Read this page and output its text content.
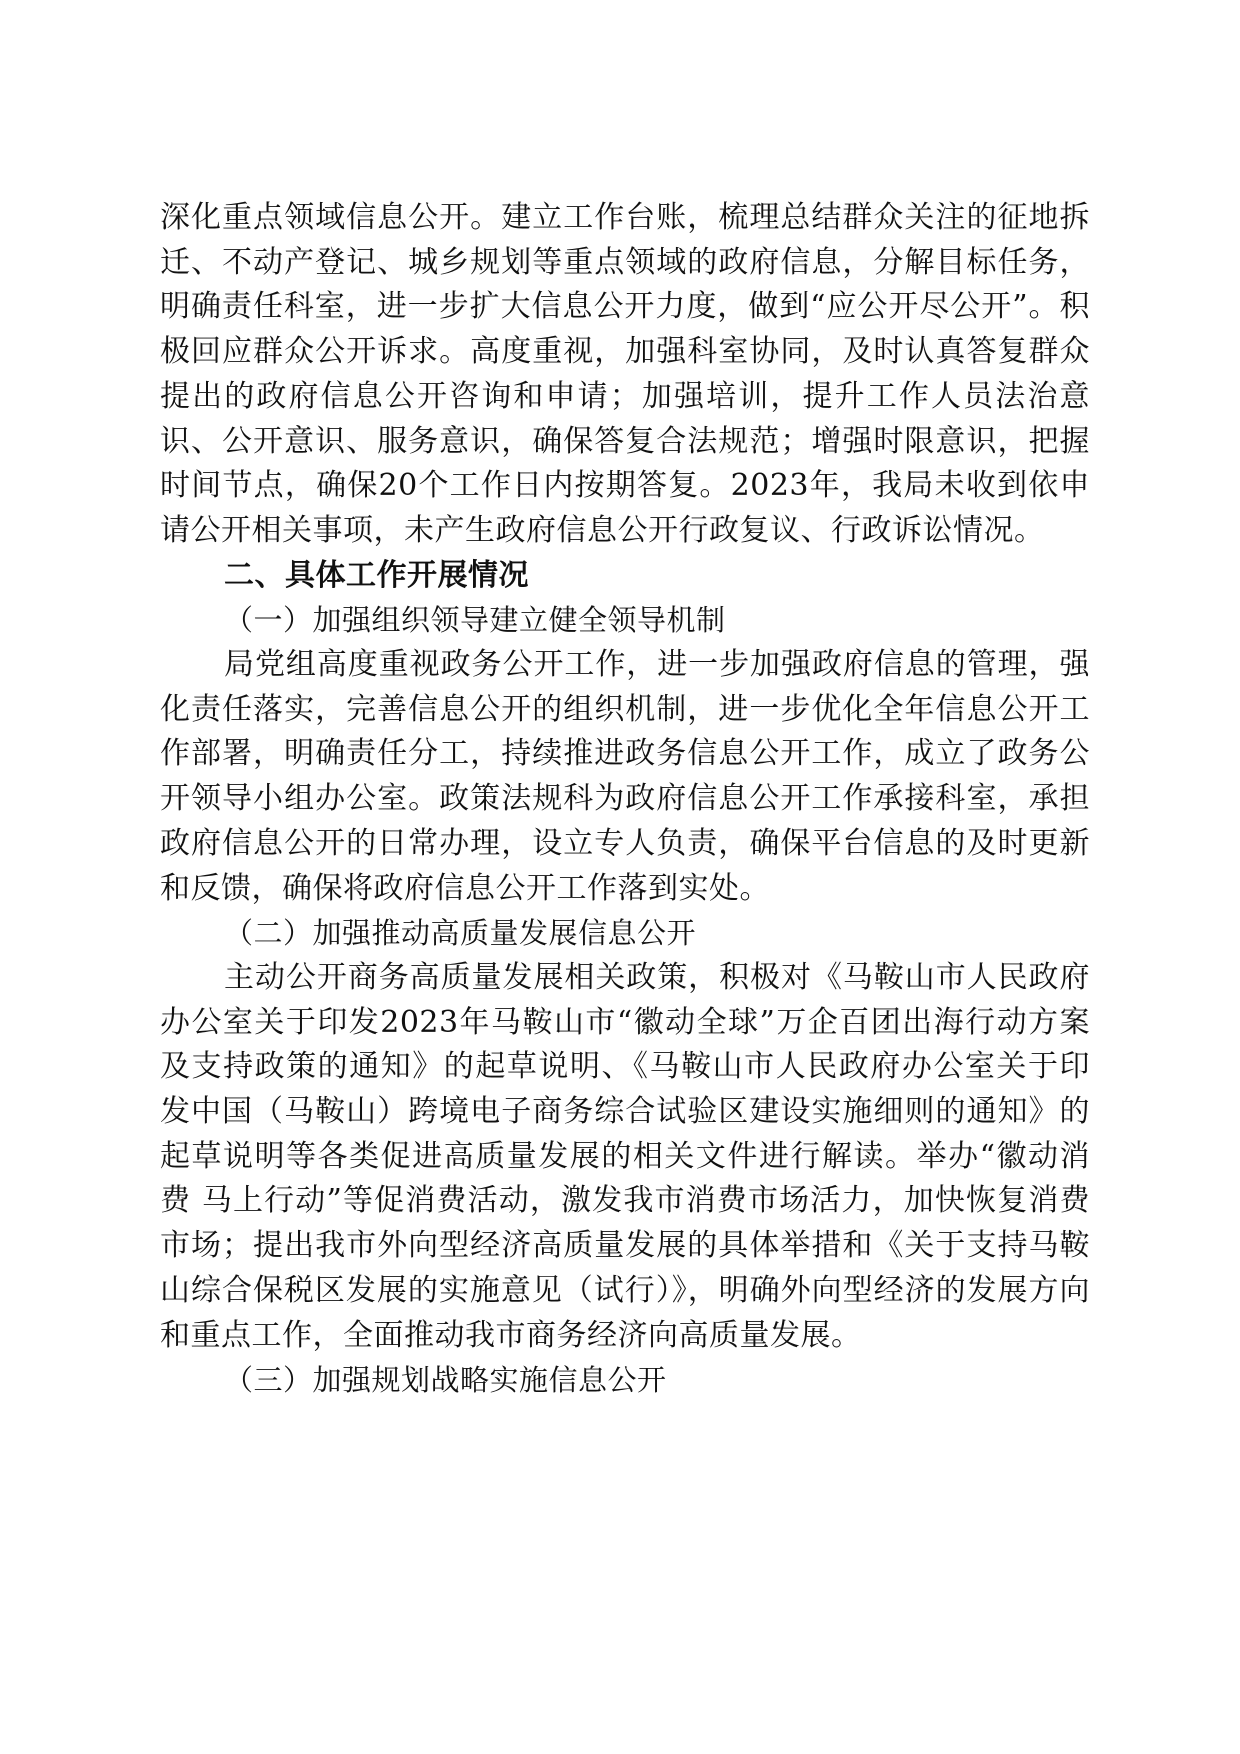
深化重点领域信息公开。建立工作台账，梳理总结群众关注的征地拆迁、不动产登记、城乡规划等重点领域的政府信息，分解目标任务，明确责任科室，进一步扩大信息公开力度，做到“应公开尽公开”。积极回应群众公开诉求。高度重视，加强科室协同，及时认真答复群众提出的政府信息公开咨询和申请；加强培训，提升工作人员法治意识、公开意识、服务意识，确保答复合法规范；增强时限意识，把握时间节点，确保20个工作日内按期答复。2023年，我局未收到依申请公开相关事项，未产生政府信息公开行政复议、行政诉讼情况。

二、具体工作开展情况

（一）加强组织领导建立健全领导机制

局党组高度重视政务公开工作，进一步加强政府信息的管理，强化责任落实，完善信息公开的组织机制，进一步优化全年信息公开工作部署，明确责任分工，持续推进政务信息公开工作，成立了政务公开领导小组办公室。政策法规科为政府信息公开工作承接科室，承担政府信息公开的日常办理，设立专人负责，确保平台信息的及时更新和反馈，确保将政府信息公开工作落到实处。

（二）加强推动高质量发展信息公开

主动公开商务高质量发展相关政策，积极对《马鞍山市人民政府办公室关于印发2023年马鞍山市“徽动全球”万企百团出海行动方案及支持政策的通知》的起草说明、《马鞍山市人民政府办公室关于印发中国（马鞍山）跨境电子商务综合试验区建设实施细则的通知》的起草说明等各类促进高质量发展的相关文件进行解读。举办“徽动消费 马上行动”等促消费活动，激发我市消费市场活力，加快恢复消费市场；提出我市外向型经济高质量发展的具体举措和《关于支持马鞍山综合保税区发展的实施意见（试行）》，明确外向型经济的发展方向和重点工作，全面推动我市商务经济向高质量发展。

（三）加强规划战略实施信息公开
